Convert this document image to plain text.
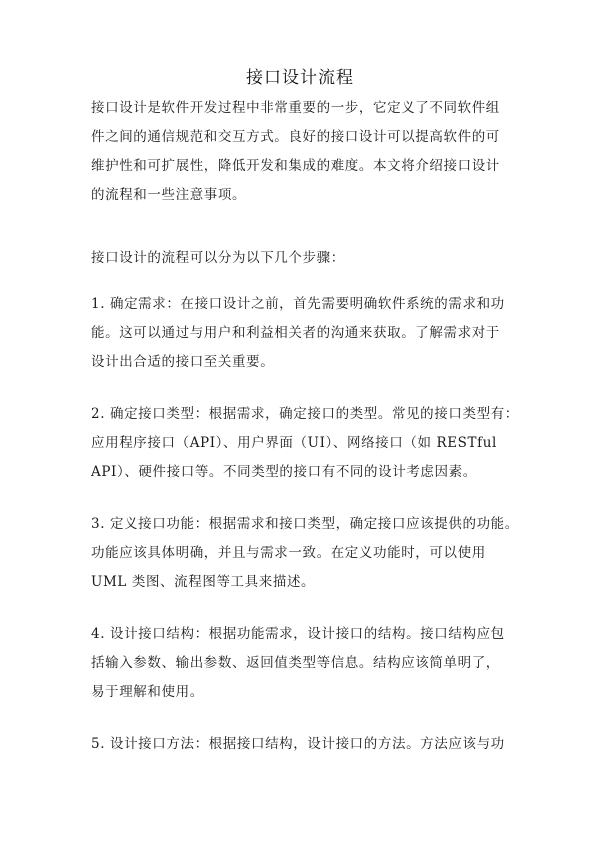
接口设计流程
接口设计是软件开发过程中非常重要的一步，它定义了不同软件组
件之间的通信规范和交互方式。良好的接口设计可以提高软件的可
维护性和可扩展性，降低开发和集成的难度。本文将介绍接口设计
的流程和一些注意事项。
接口设计的流程可以分为以下几个步骤：
1. 确定需求：在接口设计之前，首先需要明确软件系统的需求和功
能。这可以通过与用户和利益相关者的沟通来获取。了解需求对于
设计出合适的接口至关重要。
2. 确定接口类型：根据需求，确定接口的类型。常见的接口类型有：
应用程序接口（API）、用户界面（UI）、网络接口（如 RESTful
API）、硬件接口等。不同类型的接口有不同的设计考虑因素。
3. 定义接口功能：根据需求和接口类型，确定接口应该提供的功能。
功能应该具体明确，并且与需求一致。在定义功能时，可以使用
UML 类图、流程图等工具来描述。
4. 设计接口结构：根据功能需求，设计接口的结构。接口结构应包
括输入参数、输出参数、返回值类型等信息。结构应该简单明了，
易于理解和使用。
5. 设计接口方法：根据接口结构，设计接口的方法。方法应该与功
